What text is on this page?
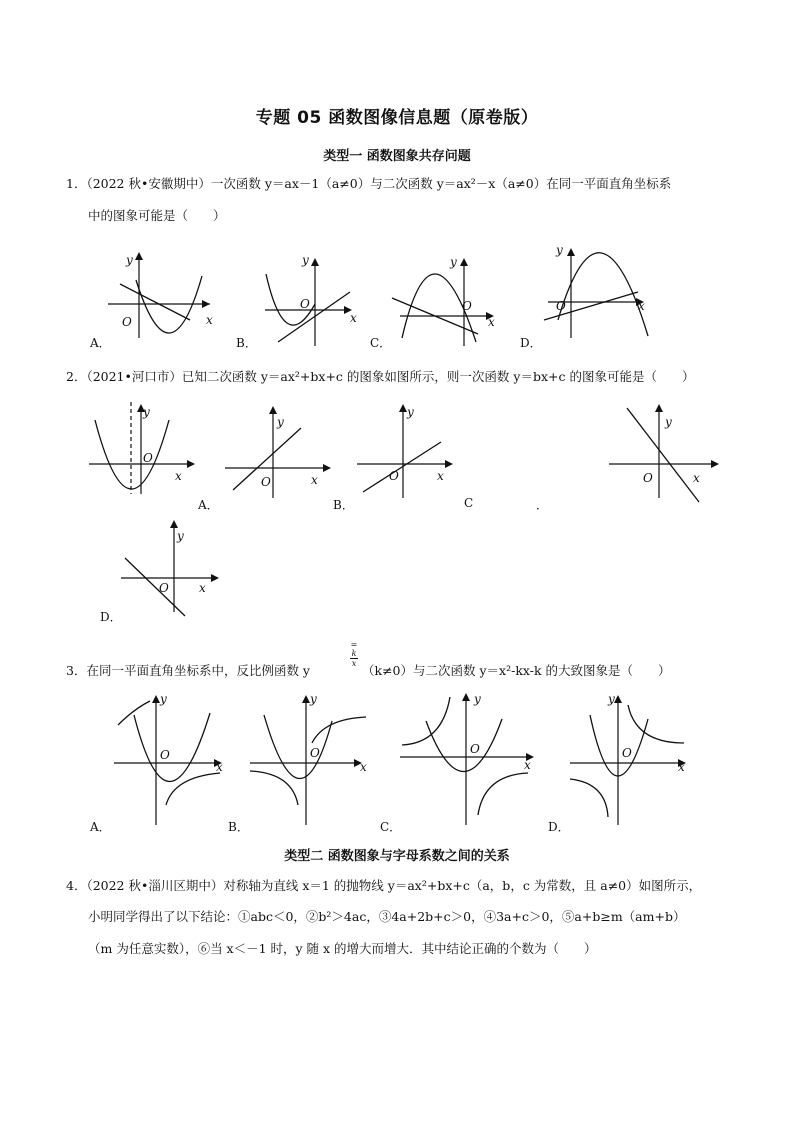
专题 05 函数图像信息题（原卷版）
类型一 函数图象共存问题
1．（2022 秋•安徽期中）一次函数 y＝ax－1（a≠0）与二次函数 y＝ax²－x（a≠0）在同一平面直角坐标系
中的图象可能是（　　）
y
x
O
y
x
O
y
x
O
y
x
O
A．	B．	C．	D．
2．（2021•河口市）已知二次函数 y＝ax²+bx+c 的图象如图所示，则一次函数 y＝bx+c 的图象可能是（　　）
y
x
O
y
x
O
y
x
O
y
x
O
y
x
O
A．	B．	C	．
D．
3．在同一平面直角坐标系中，反比例函数 y
=
k
x （k≠0）与二次函数 y＝x²-kx-k 的大致图象是（　　）
y
x
O
y
x
O
y
x
O
y
x
O
A．	B．	C．	D．
类型二 函数图象与字母系数之间的关系
4．（2022 秋•淄川区期中）对称轴为直线 x＝1 的抛物线 y＝ax²+bx+c（a，b，c 为常数，且 a≠0）如图所示，
小明同学得出了以下结论：①abc＜0，②b²＞4ac，③4a+2b+c＞0，④3a+c＞0，⑤a+b≥m（am+b）
（m 为任意实数），⑥当 x＜－1 时，y 随 x 的增大而增大．其中结论正确的个数为（　　）
